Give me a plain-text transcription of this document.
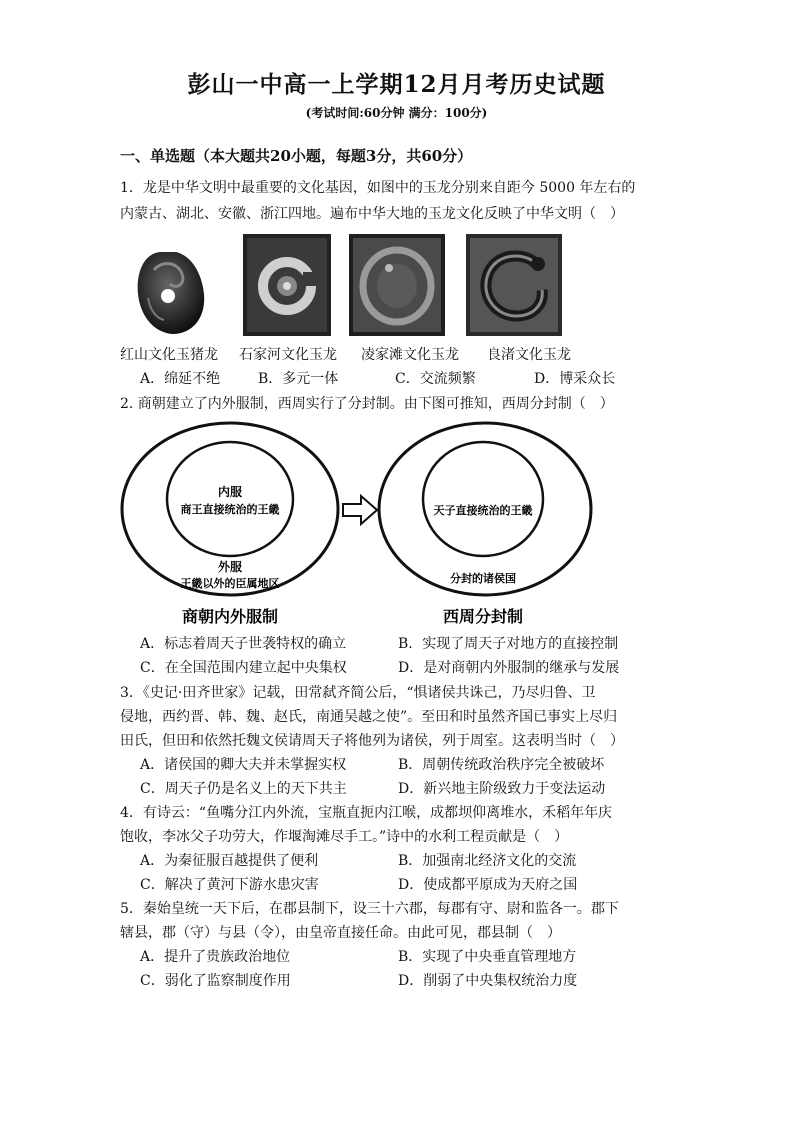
彭山一中高一上学期12月月考历史试题
(考试时间:60分钟 满分：100分)
一、单选题（本大题共20小题，每题3分，共60分）
1．龙是中华文明中最重要的文化基因，如图中的玉龙分别来自距今 5000 年左右的
内蒙古、湖北、安徽、浙江四地。遍布中华大地的玉龙文化反映了中华文明（　）
红山文化玉猪龙 石家河文化玉龙 凌家滩文化玉龙 良渚文化玉龙
A．绵延不绝	B．多元一体	C．交流频繁	D．博采众长
2. 商朝建立了内外服制，西周实行了分封制。由下图可推知，西周分封制（　）
内服
商王直接统治的王畿
外服
王畿以外的臣属地区
天子直接统治的王畿
分封的诸侯国
商朝内外服制	西周分封制
A．标志着周天子世袭特权的确立	B．实现了周天子对地方的直接控制
C．在全国范围内建立起中央集权	D．是对商朝内外服制的继承与发展
3．《史记·田齐世家》记载，田常弑齐简公后，“惧诸侯共诛己，乃尽归鲁、卫
侵地，西约晋、韩、魏、赵氏，南通吴越之使”。至田和时虽然齐国已事实上尽归
田氏，但田和依然托魏文侯请周天子将他列为诸侯，列于周室。这表明当时（　）
A．诸侯国的卿大夫并未掌握实权	B．周朝传统政治秩序完全被破坏
C．周天子仍是名义上的天下共主	D．新兴地主阶级致力于变法运动
4．有诗云：“鱼嘴分江内外流，宝瓶直扼内江喉，成都坝仰离堆水，禾稻年年庆
饱收，李冰父子功劳大，作堰淘滩尽手工。”诗中的水利工程贡献是（　）
A．为秦征服百越提供了便利	B．加强南北经济文化的交流
C．解决了黄河下游水患灾害	D．使成都平原成为天府之国
5．秦始皇统一天下后，在郡县制下，设三十六郡，每郡有守、尉和监各一。郡下
辖县，郡（守）与县（令），由皇帝直接任命。由此可见，郡县制（　）
A．提升了贵族政治地位	B．实现了中央垂直管理地方
C．弱化了监察制度作用	D．削弱了中央集权统治力度
